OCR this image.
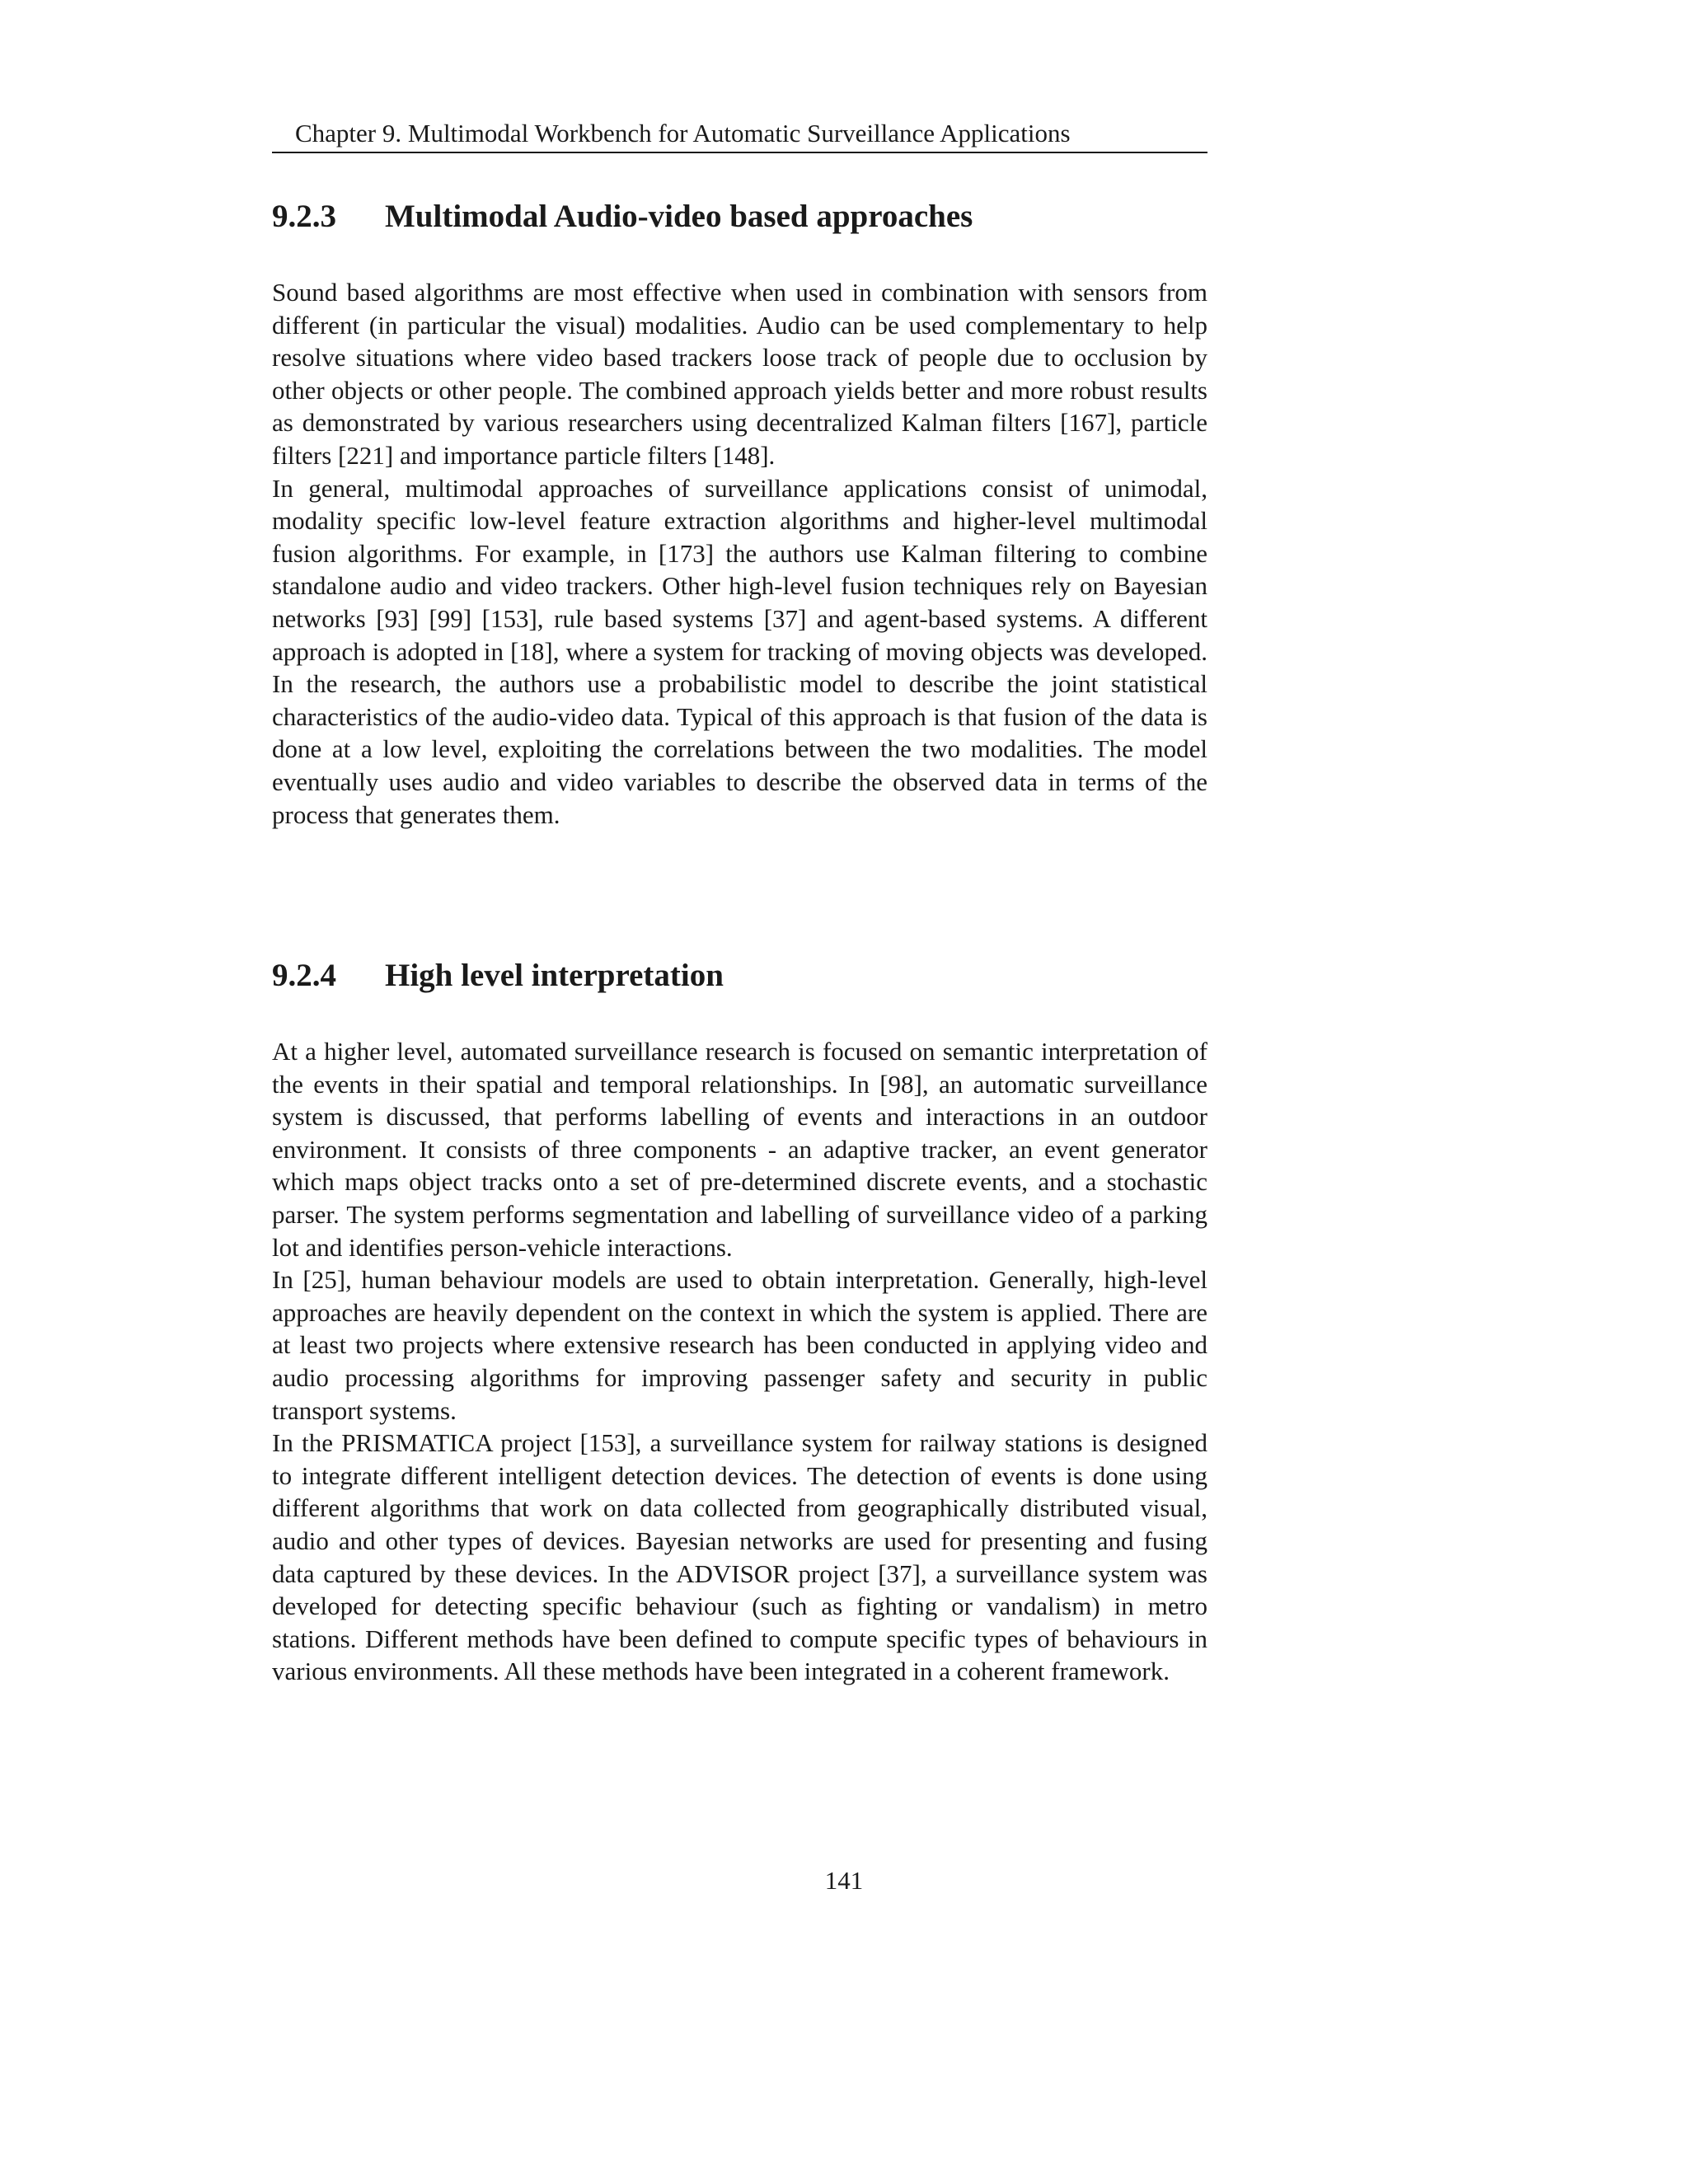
Chapter 9. Multimodal Workbench for Automatic Surveillance Applications
9.2.3 Multimodal Audio-video based approaches

Sound based algorithms are most effective when used in combination with sensors from different (in particular the visual) modalities. Audio can be used complementary to help resolve situations where video based trackers loose track of people due to occlusion by other objects or other people. The combined approach yields better and more robust results as demonstrated by various researchers using decentralized Kalman filters [167], particle filters [221] and importance particle filters [148].

In general, multimodal approaches of surveillance applications consist of unimodal, modality specific low-level feature extraction algorithms and higher-level multimodal fusion algorithms. For example, in [173] the authors use Kalman filtering to combine standalone audio and video trackers. Other high-level fusion techniques rely on Bayesian networks [93] [99] [153], rule based systems [37] and agent-based systems. A different approach is adopted in [18], where a system for tracking of moving objects was developed. In the research, the authors use a probabilistic model to describe the joint statistical characteristics of the audio-video data. Typical of this approach is that fusion of the data is done at a low level, exploiting the correlations between the two modalities. The model eventually uses audio and video variables to describe the observed data in terms of the process that generates them.

9.2.4 High level interpretation

At a higher level, automated surveillance research is focused on semantic interpretation of the events in their spatial and temporal relationships. In [98], an automatic surveillance system is discussed, that performs labelling of events and interactions in an outdoor environment. It consists of three components - an adaptive tracker, an event generator which maps object tracks onto a set of pre-determined discrete events, and a stochastic parser. The system performs segmentation and labelling of surveillance video of a parking lot and identifies person-vehicle interactions.

In [25], human behaviour models are used to obtain interpretation. Generally, high-level approaches are heavily dependent on the context in which the system is applied. There are at least two projects where extensive research has been conducted in applying video and audio processing algorithms for improving passenger safety and security in public transport systems.

In the PRISMATICA project [153], a surveillance system for railway stations is designed to integrate different intelligent detection devices. The detection of events is done using different algorithms that work on data collected from geographically distributed visual, audio and other types of devices. Bayesian networks are used for presenting and fusing data captured by these devices. In the ADVISOR project [37], a surveillance system was developed for detecting specific behaviour (such as fighting or vandalism) in metro stations. Different methods have been defined to compute specific types of behaviours in various environments. All these methods have been integrated in a coherent framework.

141
